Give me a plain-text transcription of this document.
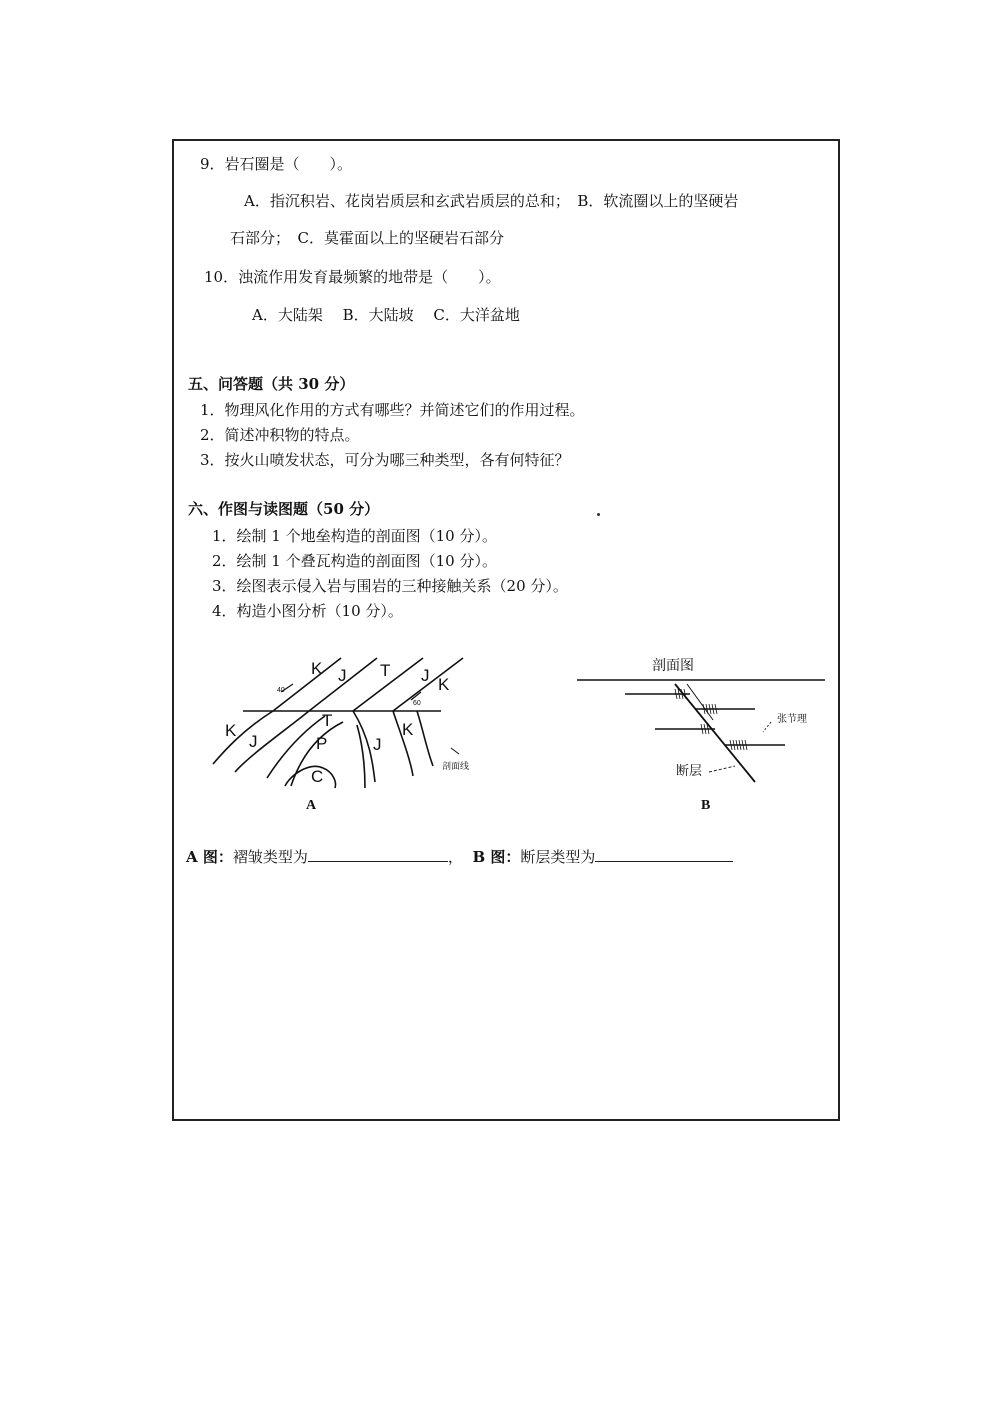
9．岩石圈是（　　）。
A．指沉积岩、花岗岩质层和玄武岩质层的总和；　B．软流圈以上的坚硬岩
石部分；　C．莫霍面以上的坚硬岩石部分
10．浊流作用发育最频繁的地带是（　　）。
A．大陆架　 B．大陆坡　 C．大洋盆地
五、问答题（共 30 分）
1．物理风化作用的方式有哪些？并简述它们的作用过程。
2．简述冲积物的特点。
3．按火山喷发状态，可分为哪三种类型，各有何特征？
六、作图与读图题（50 分）
1．绘制 1 个地垒构造的剖面图（10 分）。
2．绘制 1 个叠瓦构造的剖面图（10 分）。
3．绘图表示侵入岩与围岩的三种接触关系（20 分）。
4．构造小图分析（10 分）。
K J T J K
K
J
T
P
C
J
K
40
60
剖面线
A
剖面图
张节理
断层
B
A 图：褶皱类型为	， B 图：断层类型为
